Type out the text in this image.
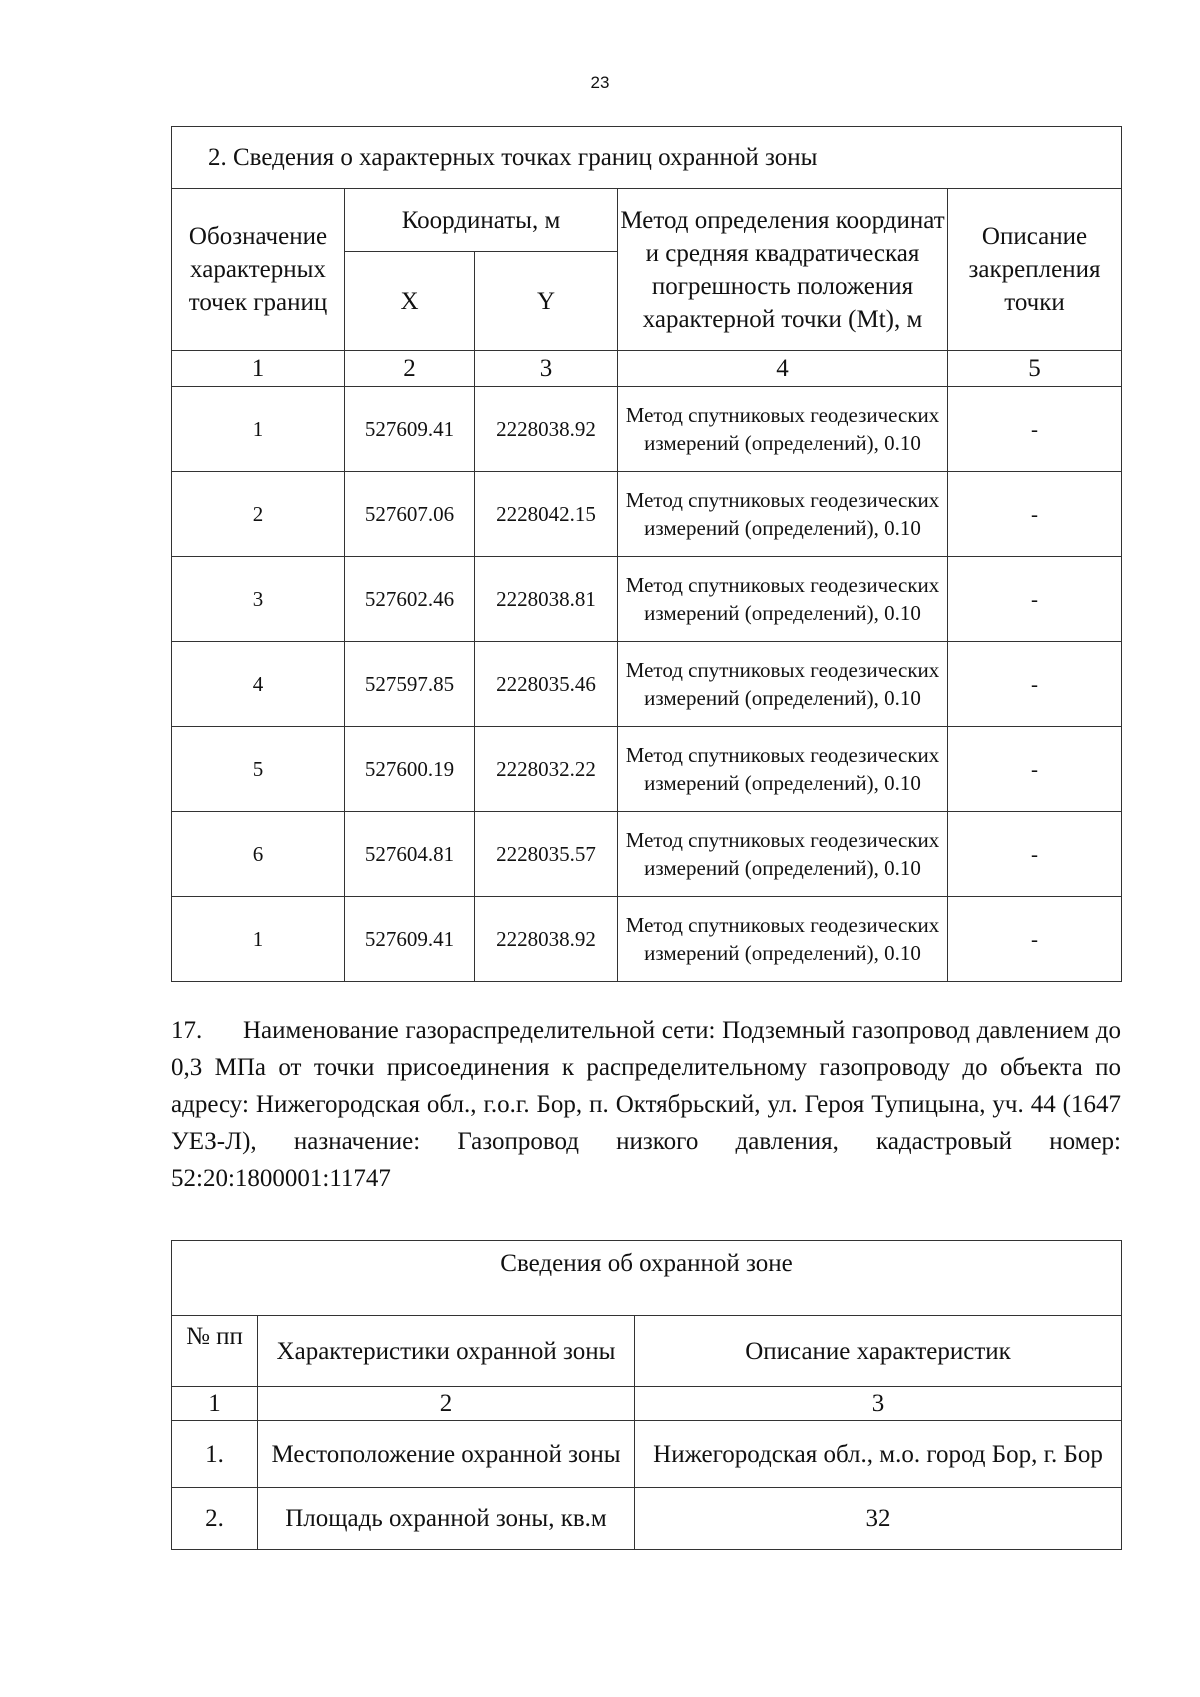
23
2. Сведения о характерных точках границ охранной зоны				
Обозначение характерных точек границ	Координаты, м		Метод определения координат и средняя квадратическая погрешность положения характерной точки (Mt), м	Описание закрепления точки
	X	Y		
1	2	3	4	5
1	527609.41	2228038.92	Метод спутниковых геодезических измерений (определений), 0.10	-
2	527607.06	2228042.15	Метод спутниковых геодезических измерений (определений), 0.10	-
3	527602.46	2228038.81	Метод спутниковых геодезических измерений (определений), 0.10	-
4	527597.85	2228035.46	Метод спутниковых геодезических измерений (определений), 0.10	-
5	527600.19	2228032.22	Метод спутниковых геодезических измерений (определений), 0.10	-
6	527604.81	2228035.57	Метод спутниковых геодезических измерений (определений), 0.10	-
1	527609.41	2228038.92	Метод спутниковых геодезических измерений (определений), 0.10	-

17. Наименование газораспределительной сети: Подземный газопровод давлением до 0,3 МПа от точки присоединения к распределительному газопроводу до объекта по адресу: Нижегородская обл., г.о.г. Бор, п. Октябрьский, ул. Героя Тупицына, уч. 44 (1647 УЕЗ-Л), назначение: Газопровод низкого давления, кадастровый номер: 52:20:1800001:11747

Сведения об охранной зоне		
№ пп	Характеристики охранной зоны	Описание характеристик
1	2	3
1.	Местоположение охранной зоны	Нижегородская обл., м.о. город Бор, г. Бор
2.	Площадь охранной зоны, кв.м	32
